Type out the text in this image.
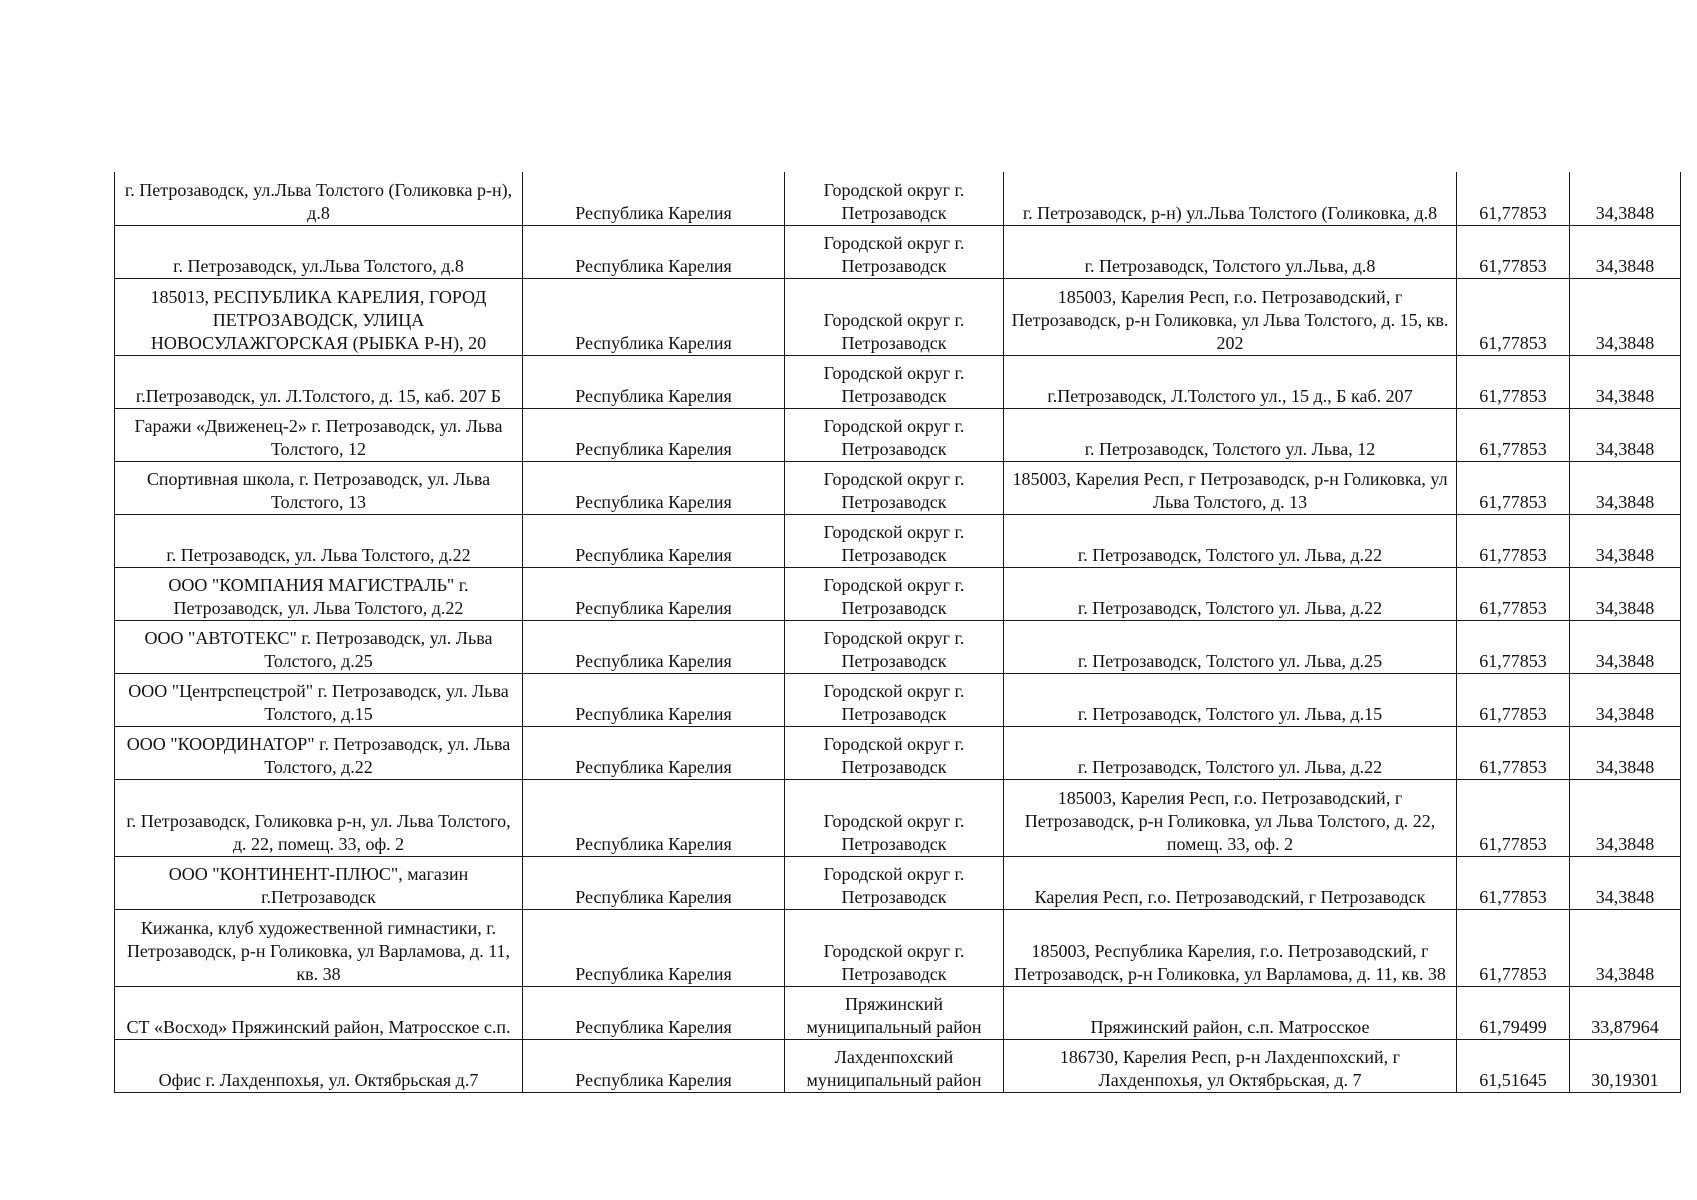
г. Петрозаводск, ул.Льва Толстого (Голиковка р-н), д.8	Республика Карелия	Городской округ г. Петрозаводск	г. Петрозаводск, р-н) ул.Льва Толстого (Голиковка, д.8	61,77853	34,3848
г. Петрозаводск, ул.Льва Толстого, д.8	Республика Карелия	Городской округ г. Петрозаводск	г. Петрозаводск, Толстого ул.Льва, д.8	61,77853	34,3848
185013, РЕСПУБЛИКА КАРЕЛИЯ, ГОРОД ПЕТРОЗАВОДСК, УЛИЦА НОВОСУЛАЖГОРСКАЯ (РЫБКА Р-Н), 20	Республика Карелия	Городской округ г. Петрозаводск	185003, Карелия Респ, г.о. Петрозаводский, г Петрозаводск, р-н Голиковка, ул Льва Толстого, д. 15, кв. 202	61,77853	34,3848
г.Петрозаводск, ул. Л.Толстого, д. 15, каб. 207 Б	Республика Карелия	Городской округ г. Петрозаводск	г.Петрозаводск, Л.Толстого ул., 15 д., Б каб. 207	61,77853	34,3848
Гаражи «Движенец-2» г. Петрозаводск, ул. Льва Толстого, 12	Республика Карелия	Городской округ г. Петрозаводск	г. Петрозаводск, Толстого ул. Льва, 12	61,77853	34,3848
Спортивная школа, г. Петрозаводск, ул. Льва Толстого, 13	Республика Карелия	Городской округ г. Петрозаводск	185003, Карелия Респ, г Петрозаводск, р-н Голиковка, ул Льва Толстого, д. 13	61,77853	34,3848
г. Петрозаводск, ул. Льва Толстого, д.22	Республика Карелия	Городской округ г. Петрозаводск	г. Петрозаводск, Толстого ул. Льва, д.22	61,77853	34,3848
ООО "КОМПАНИЯ МАГИСТРАЛЬ" г. Петрозаводск, ул. Льва Толстого, д.22	Республика Карелия	Городской округ г. Петрозаводск	г. Петрозаводск, Толстого ул. Льва, д.22	61,77853	34,3848
ООО "АВТОТЕКС" г. Петрозаводск, ул. Льва Толстого, д.25	Республика Карелия	Городской округ г. Петрозаводск	г. Петрозаводск, Толстого ул. Льва, д.25	61,77853	34,3848
ООО "Центрспецстрой" г. Петрозаводск, ул. Льва Толстого, д.15	Республика Карелия	Городской округ г. Петрозаводск	г. Петрозаводск, Толстого ул. Льва, д.15	61,77853	34,3848
ООО "КООРДИНАТОР" г. Петрозаводск, ул. Льва Толстого, д.22	Республика Карелия	Городской округ г. Петрозаводск	г. Петрозаводск, Толстого ул. Льва, д.22	61,77853	34,3848
г. Петрозаводск, Голиковка р-н, ул. Льва Толстого, д. 22, помещ. 33, оф. 2	Республика Карелия	Городской округ г. Петрозаводск	185003, Карелия Респ, г.о. Петрозаводский, г Петрозаводск, р-н Голиковка, ул Льва Толстого, д. 22, помещ. 33, оф. 2	61,77853	34,3848
ООО "КОНТИНЕНТ-ПЛЮС", магазин г.Петрозаводск	Республика Карелия	Городской округ г. Петрозаводск	Карелия Респ, г.о. Петрозаводский, г Петрозаводск	61,77853	34,3848
Кижанка, клуб художественной гимнастики, г. Петрозаводск, р-н Голиковка, ул Варламова, д. 11, кв. 38	Республика Карелия	Городской округ г. Петрозаводск	185003, Республика Карелия, г.о. Петрозаводский, г Петрозаводск, р-н Голиковка, ул Варламова, д. 11, кв. 38	61,77853	34,3848
СТ «Восход» Пряжинский район, Матросское с.п.	Республика Карелия	Пряжинский муниципальный район	Пряжинский район, с.п. Матросское	61,79499	33,87964
Офис г. Лахденпохья, ул. Октябрьская д.7	Республика Карелия	Лахденпохский муниципальный район	186730, Карелия Респ, р-н Лахденпохский, г Лахденпохья, ул Октябрьская, д. 7	61,51645	30,19301
